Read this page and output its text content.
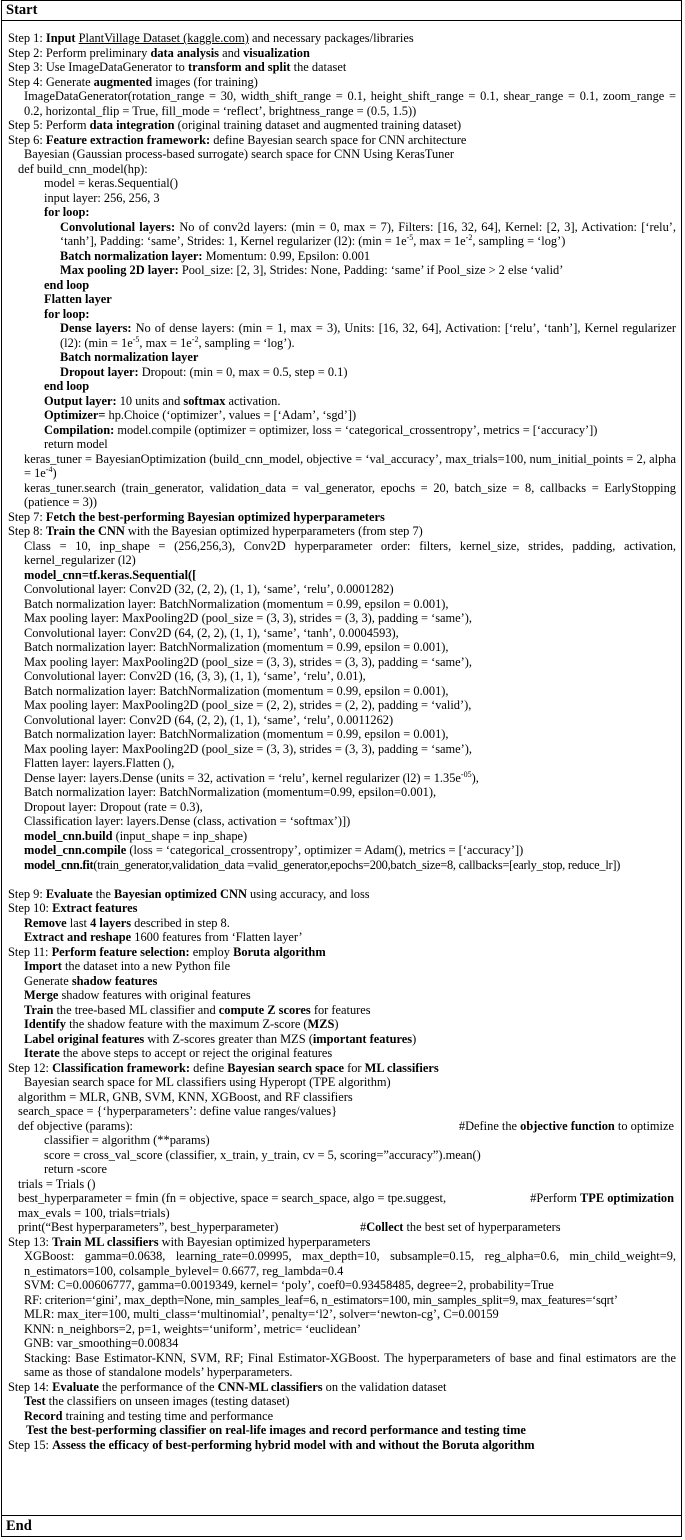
Start
Step 1: Input PlantVillage Dataset (kaggle.com) and necessary packages/libraries
Step 2: Perform preliminary data analysis and visualization
Step 3: Use ImageDataGenerator to transform and split the dataset
Step 4: Generate augmented images (for training)
ImageDataGenerator(rotation_range = 30, width_shift_range = 0.1, height_shift_range = 0.1, shear_range = 0.1, zoom_range = 0.2, horizontal_flip = True, fill_mode = ‘reflect’, brightness_range = (0.5, 1.5))
Step 5: Perform data integration (original training dataset and augmented training dataset)
Step 6: Feature extraction framework: define Bayesian search space for CNN architecture
Bayesian (Gaussian process-based surrogate) search space for CNN Using KerasTuner
def build_cnn_model(hp):
model = keras.Sequential()
input layer: 256, 256, 3
for loop:
Convolutional layers: No of conv2d layers: (min = 0, max = 7), Filters: [16, 32, 64], Kernel: [2, 3], Activation: [‘relu’, ‘tanh’], Padding: ‘same’, Strides: 1, Kernel regularizer (l2): ($\min = 1e^{-5}$, $\max = 1e^{-2}$, sampling = ‘log’)
Batch normalization layer: Momentum: 0.99, Epsilon: 0.001
Max pooling 2D layer: Pool_size: [2, 3], Strides: None, Padding: ‘same’ if Pool_size > 2 else ‘valid’
end loop
Flatten layer
for loop:
Dense layers: No of dense layers: (min = 1, max = 3), Units: [16, 32, 64], Activation: [‘relu’, ‘tanh’], Kernel regularizer (l2): ($\min = 1e^{-5}$, $\max = 1e^{-2}$, sampling = ‘log’).
Batch normalization layer
Dropout layer: Dropout: (min = 0, max = 0.5, step = 0.1)
end loop
Output layer: 10 units and softmax activation.
Optimizer= hp.Choice (‘optimizer’, values = [‘Adam’, ‘sgd’])
Compilation: model.compile (optimizer = optimizer, loss = ‘categorical_crossentropy’, metrics = [‘accuracy’])
return model
keras_tuner = BayesianOptimization (build_cnn_model, objective = ‘val_accuracy’, max_trials=100, num_initial_points = 2, alpha = $1e^{-4}$)
keras_tuner.search (train_generator, validation_data = val_generator, epochs = 20, batch_size = 8, callbacks = EarlyStopping (patience = 3))
Step 7: Fetch the best-performing Bayesian optimized hyperparameters
Step 8: Train the CNN with the Bayesian optimized hyperparameters (from step 7)
Class = 10, inp_shape = (256,256,3), Conv2D hyperparameter order: filters, kernel_size, strides, padding, activation, kernel_regularizer (l2)
model_cnn=tf.keras.Sequential([
Convolutional layer: Conv2D (32, (2, 2), (1, 1), ‘same’, ‘relu’, 0.0001282)
Batch normalization layer: BatchNormalization (momentum = 0.99, epsilon = 0.001),
Max pooling layer: MaxPooling2D (pool_size = (3, 3), strides = (3, 3), padding = ‘same’),
Convolutional layer: Conv2D (64, (2, 2), (1, 1), ‘same’, ‘tanh’, 0.0004593),
Batch normalization layer: BatchNormalization (momentum = 0.99, epsilon = 0.001),
Max pooling layer: MaxPooling2D (pool_size = (3, 3), strides = (3, 3), padding = ‘same’),
Convolutional layer: Conv2D (16, (3, 3), (1, 1), ‘same’, ‘relu’, 0.01),
Batch normalization layer: BatchNormalization (momentum = 0.99, epsilon = 0.001),
Max pooling layer: MaxPooling2D (pool_size = (2, 2), strides = (2, 2), padding = ‘valid’),
Convolutional layer: Conv2D (64, (2, 2), (1, 1), ‘same’, ‘relu’, 0.0011262)
Batch normalization layer: BatchNormalization (momentum = 0.99, epsilon = 0.001),
Max pooling layer: MaxPooling2D (pool_size = (3, 3), strides = (3, 3), padding = ‘same’),
Flatten layer: layers.Flatten (),
Dense layer: layers.Dense (units = 32, activation = ‘relu’, kernel regularizer $(l2) = 1.35e^{-05}$),
Batch normalization layer: BatchNormalization (momentum=0.99, epsilon=0.001),
Dropout layer: Dropout (rate = 0.3),
Classification layer: layers.Dense (class, activation = ‘softmax’)])
model_cnn.build (input_shape = inp_shape)
model_cnn.compile (loss = ‘categorical_crossentropy’, optimizer = Adam(), metrics = [‘accuracy’])
model_cnn.fit(train_generator,validation_data =valid_generator,epochs=200,batch_size=8, callbacks=[early_stop, reduce_lr])
Step 9: Evaluate the Bayesian optimized CNN using accuracy, and loss
Step 10: Extract features
Remove last 4 layers described in step 8.
Extract and reshape 1600 features from ‘Flatten layer’
Step 11: Perform feature selection: employ Boruta algorithm
Import the dataset into a new Python file
Generate shadow features
Merge shadow features with original features
Train the tree-based ML classifier and compute Z scores for features
Identify the shadow feature with the maximum Z-score (MZS)
Label original features with Z-scores greater than MZS (important features)
Iterate the above steps to accept or reject the original features
Step 12: Classification framework: define Bayesian search space for ML classifiers
Bayesian search space for ML classifiers using Hyperopt (TPE algorithm)
algorithm = MLR, GNB, SVM, KNN, XGBoost, and RF classifiers
search_space = {‘hyperparameters’: define value ranges/values}
def objective (params):	#Define the objective function to optimize
classifier = algorithm (**params)
score = cross_val_score (classifier, x_train, y_train, cv = 5, scoring=”accuracy”).mean()
return -score
trials = Trials ()
best_hyperparameter = fmin (fn = objective, space = search_space, algo = tpe.suggest,	#Perform TPE optimization
max_evals = 100, trials=trials)
print(“Best hyperparameters”, best_hyperparameter)	#Collect the best set of hyperparameters
Step 13: Train ML classifiers with Bayesian optimized hyperparameters
XGBoost: gamma=0.0638, learning_rate=0.09995, max_depth=10, subsample=0.15, reg_alpha=0.6, min_child_weight=9, n_estimators=100, colsample_bylevel= 0.6677, reg_lambda=0.4
SVM: C=0.00606777, gamma=0.0019349, kernel= ‘poly’, coef0=0.93458485, degree=2, probability=True
RF: criterion=‘gini’, max_depth=None, min_samples_leaf=6, n_estimators=100, min_samples_split=9, max_features=‘sqrt’
MLR: max_iter=100, multi_class=‘multinomial’, penalty=‘l2’, solver=‘newton-cg’, C=0.00159
KNN: n_neighbors=2, p=1, weights=‘uniform’, metric= ‘euclidean’
GNB: var_smoothing=0.00834
Stacking: Base Estimator-KNN, SVM, RF; Final Estimator-XGBoost. The hyperparameters of base and final estimators are the same as those of standalone models’ hyperparameters.
Step 14: Evaluate the performance of the CNN-ML classifiers on the validation dataset
Test the classifiers on unseen images (testing dataset)
Record training and testing time and performance
Test the best-performing classifier on real-life images and record performance and testing time
Step 15: Assess the efficacy of best-performing hybrid model with and without the Boruta algorithm
End
